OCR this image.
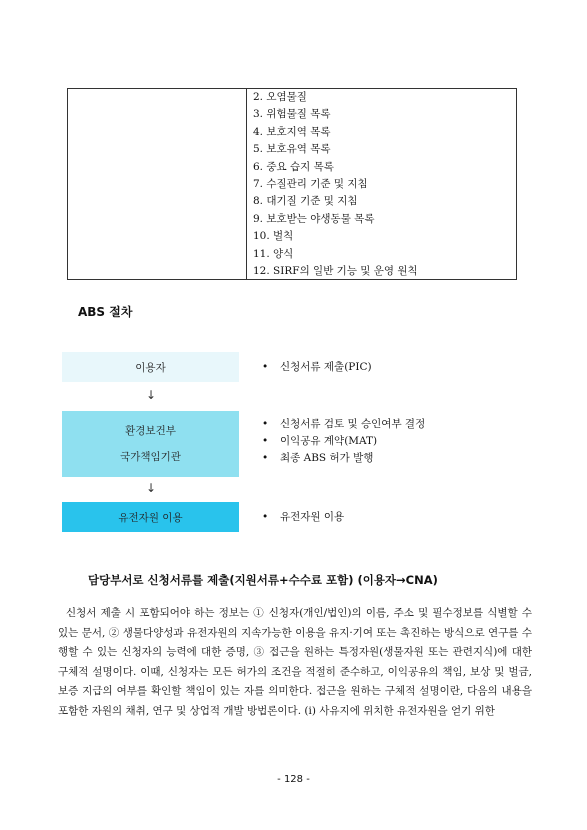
2. 오염물질
3. 위험물질 목록
4. 보호지역 목록
5. 보호유역 목록
6. 중요 습지 목록
7. 수질관리 기준 및 지침
8. 대기질 기준 및 지침
9. 보호받는 야생동물 목록
10. 벌칙
11. 양식
12. SIRF의 일반 기능 및 운영 원칙
ABS 절차
이용자
↓
환경보건부
국가책임기관
↓
유전자원 이용
• 신청서류 제출(PIC)
• 신청서류 검토 및 승인여부 결정
• 이익공유 계약(MAT)
• 최종 ABS 허가 발행
• 유전자원 이용
담당부서로 신청서류를 제출(지원서류+수수료 포함) (이용자→CNA)

신청서 제출 시 포함되어야 하는 정보는 ① 신청자(개인/법인)의 이름, 주소 및 필수정보를 식별할 수 있는 문서, ② 생물다양성과 유전자원의 지속가능한 이용을 유지·기여 또는 촉진하는 방식으로 연구를 수행할 수 있는 신청자의 능력에 대한 증명, ③ 접근을 원하는 특정자원(생물자원 또는 관련지식)에 대한 구체적 설명이다. 이때, 신청자는 모든 허가의 조건을 적절히 준수하고, 이익공유의 책임, 보상 및 벌금, 보증 지급의 여부를 확인할 책임이 있는 자를 의미한다. 접근을 원하는 구체적 설명이란, 다음의 내용을 포함한 자원의 채취, 연구 및 상업적 개발 방법론이다. (ⅰ) 사유지에 위치한 유전자원을 얻기 위한

- 128 -
